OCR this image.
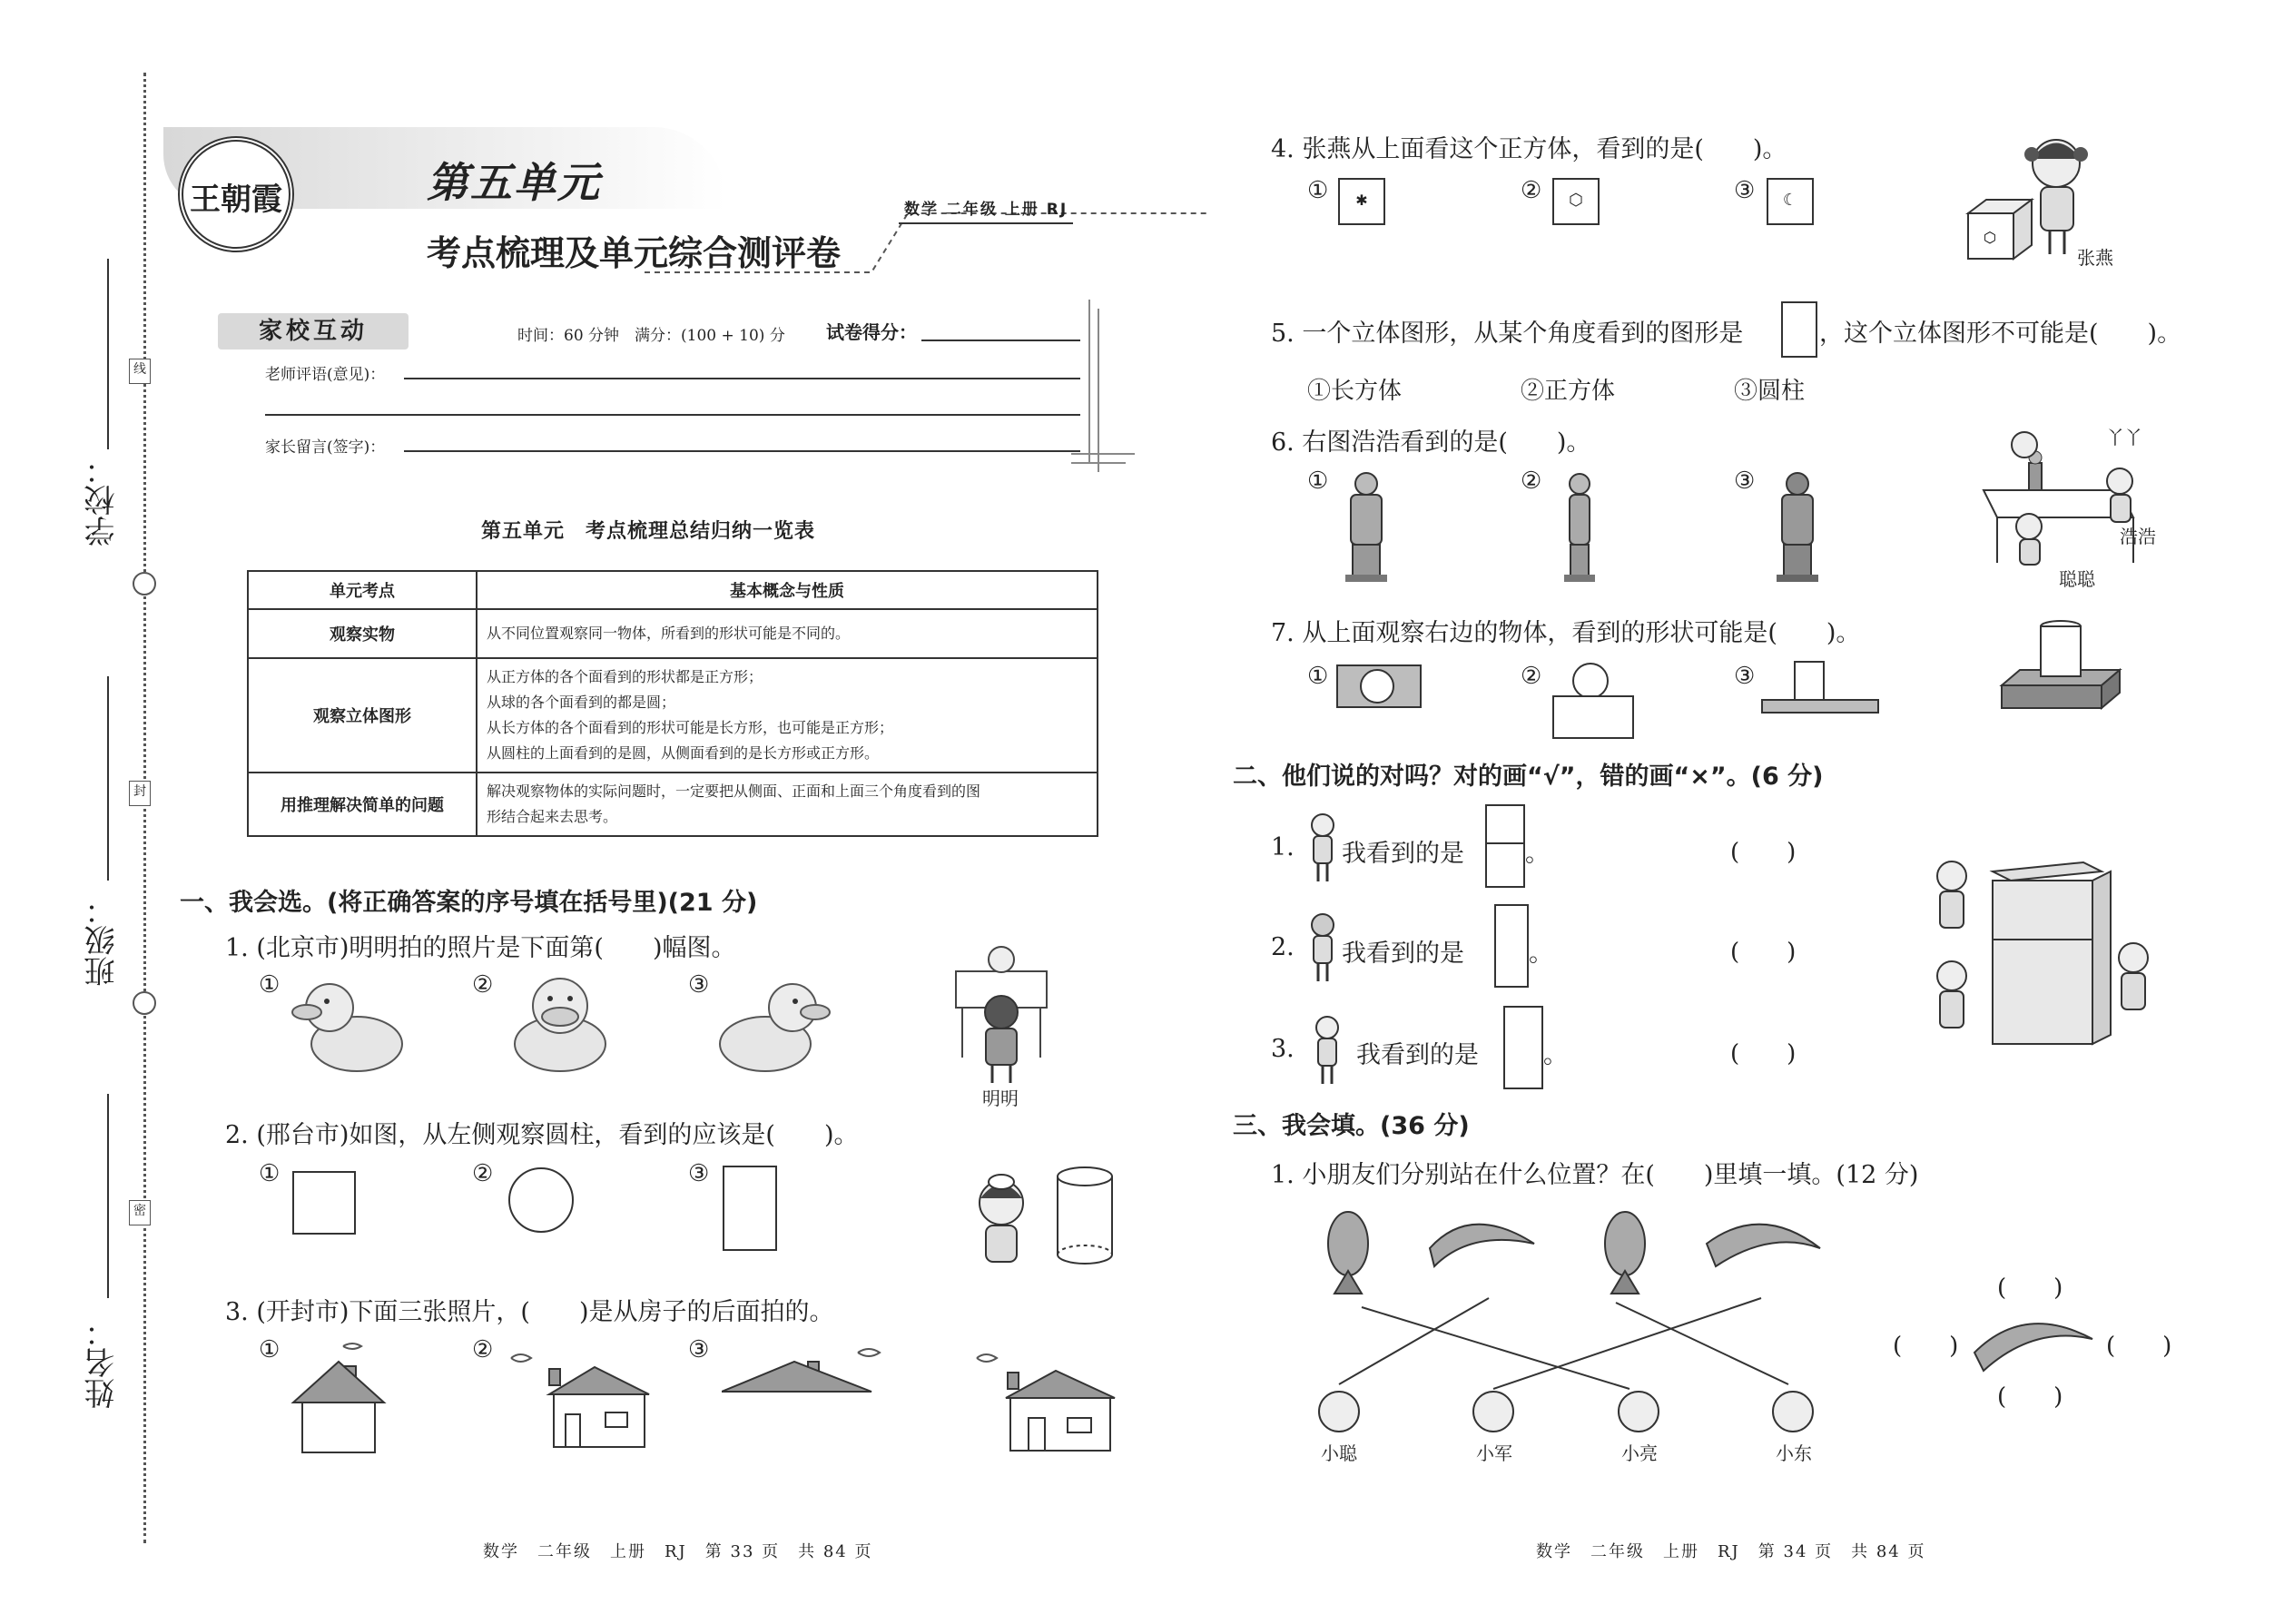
学校：
班级：
姓名：
线
封
密
王朝霞	第五单元
考点梳理及单元综合测评卷
数学 二年级 上册 RJ
家校互动	时间：60 分钟　满分：(100 + 10) 分 试卷得分：
老师评语(意见)：
家长留言(签字)：
第五单元　考点梳理总结归纳一览表
单元考点	基本概念与性质
观察实物	从不同位置观察同一物体，所看到的形状可能是不同的。

观察立体图形	从正方体的各个面看到的形状都是正方形；
从球的各个面看到的都是圆；
从长方体的各个面看到的形状可能是长方形，也可能是正方形；
从圆柱的上面看到的是圆，从侧面看到的是长方形或正方形。

用推理解决简单的问题	解决观察物体的实际问题时，一定要把从侧面、正面和上面三个角度看到的图
形结合起来去思考。
一、我会选。(将正确答案的序号填在括号里)(21 分)
1. (北京市)明明拍的照片是下面第(　　)幅图。
①	②	③
明明
2. (邢台市)如图，从左侧观察圆柱，看到的应该是(　　)。
①	②	③
3. (开封市)下面三张照片，(　　)是从房子的后面拍的。
①	②	③
4. 张燕从上面看这个正方体，看到的是(　　)。
①	✱	②	⬡	③	☾
⬡
张燕
5. 一个立体图形，从某个角度看到的图形是	，这个立体图形不可能是(　　)。
①长方体	②正方体	③圆柱
6. 右图浩浩看到的是(　　)。
①	②	③
丫丫
浩浩
聪聪
7. 从上面观察右边的物体，看到的形状可能是(　　)。
①	②	③
二、他们说的对吗？对的画“√”，错的画“×”。(6 分)
1. 我看到的是 。	(　　)
2. 我看到的是	。	(　　)
3.	我看到的是	。	(　　)
三、我会填。(36 分)
1. 小朋友们分别站在什么位置？在(　　)里填一填。(12 分)
小聪	小军	小亮	小东
(　　)
(　　)	(　　)
(　　)
数学　二年级　上册　RJ　第 33 页　共 84 页	数学　二年级　上册　RJ　第 34 页　共 84 页
